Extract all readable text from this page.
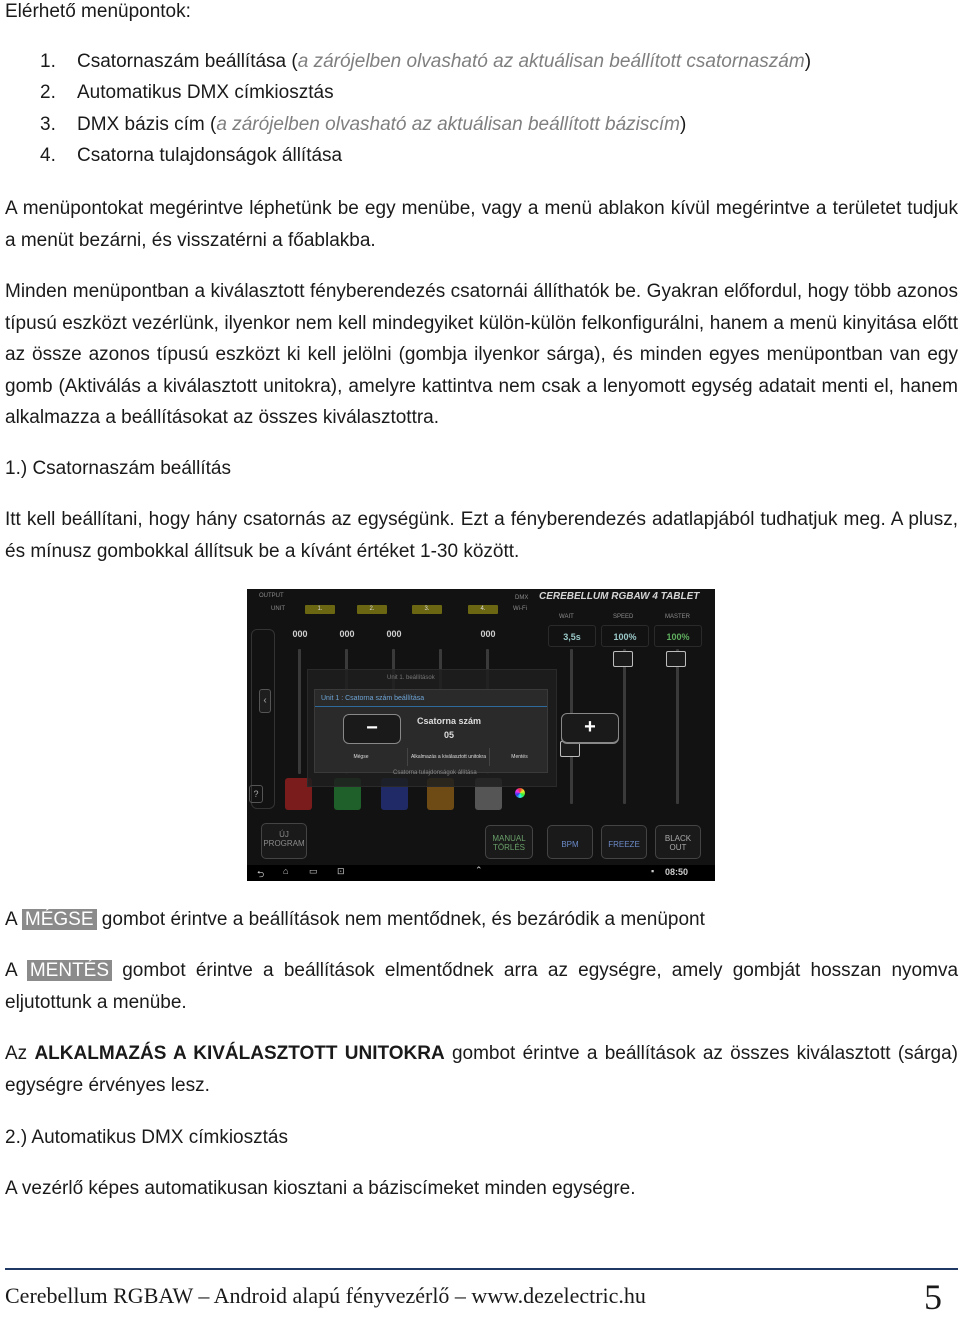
Elérhető menüpontok:
1. Csatornaszám beállítása (a zárójelben olvasható az aktuálisan beállított csatornaszám)
2. Automatikus DMX címkiosztás
3. DMX bázis cím (a zárójelben olvasható az aktuálisan beállított báziscím)
4. Csatorna tulajdonságok állítása

A menüpontokat megérintve léphetünk be egy menübe, vagy a menü ablakon kívül megérintve a területet tudjuk a menüt bezárni, és visszatérni a főablakba.

Minden menüpontban a kiválasztott fényberendezés csatornái állíthatók be. Gyakran előfordul, hogy több azonos típusú eszközt vezérlünk, ilyenkor nem kell mindegyiket külön-külön felkonfigurálni, hanem a menü kinyitása előtt az össze azonos típusú eszközt ki kell jelölni (gombja ilyenkor sárga), és minden egyes menüpontban van egy gomb (Aktiválás a kiválasztott unitokra), amelyre kattintva nem csak a lenyomott egység adatait menti el, hanem alkalmazza a beállításokat az összes kiválasztottra.

1.) Csatornaszám beállítás

Itt kell beállítani, hogy hány csatornás az egységünk. Ezt a fényberendezés adatlapjából tudhatjuk meg. A plusz, és mínusz gombokkal állítsuk be a kívánt értéket 1-30 között.

OUTPUT
UNIT	1.	2.	3.	4.
DMX
Wi-Fi
CEREBELLUM RGBAW 4 TABLET
000	000	000	000
WAIT	SPEED	MASTER
3,5s	100%	100%
‹
?
Unit 1. beállítások
Unit 1 : Csatorna szám beállítása
−	Csatorna szám
05
Mégse	Alkalmazás a kiválasztott unitokra	Mentés
+
Csatorna tulajdonságok állítása
ÚJ PROGRAM
MANUAL TÖRLÉS	BPM	FREEZE
BLACK OUT
⮌ ⌂ ▭ ⊡	⌃	▪ 08:50
A MÉGSE gombot érintve a beállítások nem mentődnek, és bezáródik a menüpont

A MENTÉS gombot érintve a beállítások elmentődnek arra az egységre, amely gombját hosszan nyomva eljutottunk a menübe.

Az ALKALMAZÁS A KIVÁLASZTOTT UNITOKRA gombot érintve a beállítások az összes kiválasztott (sárga) egységre érvényes lesz.

2.) Automatikus DMX címkiosztás
A vezérlő képes automatikusan kiosztani a báziscímeket minden egységre.
Cerebellum RGBAW – Android alapú fényvezérlő – www.dezelectric.hu	5
